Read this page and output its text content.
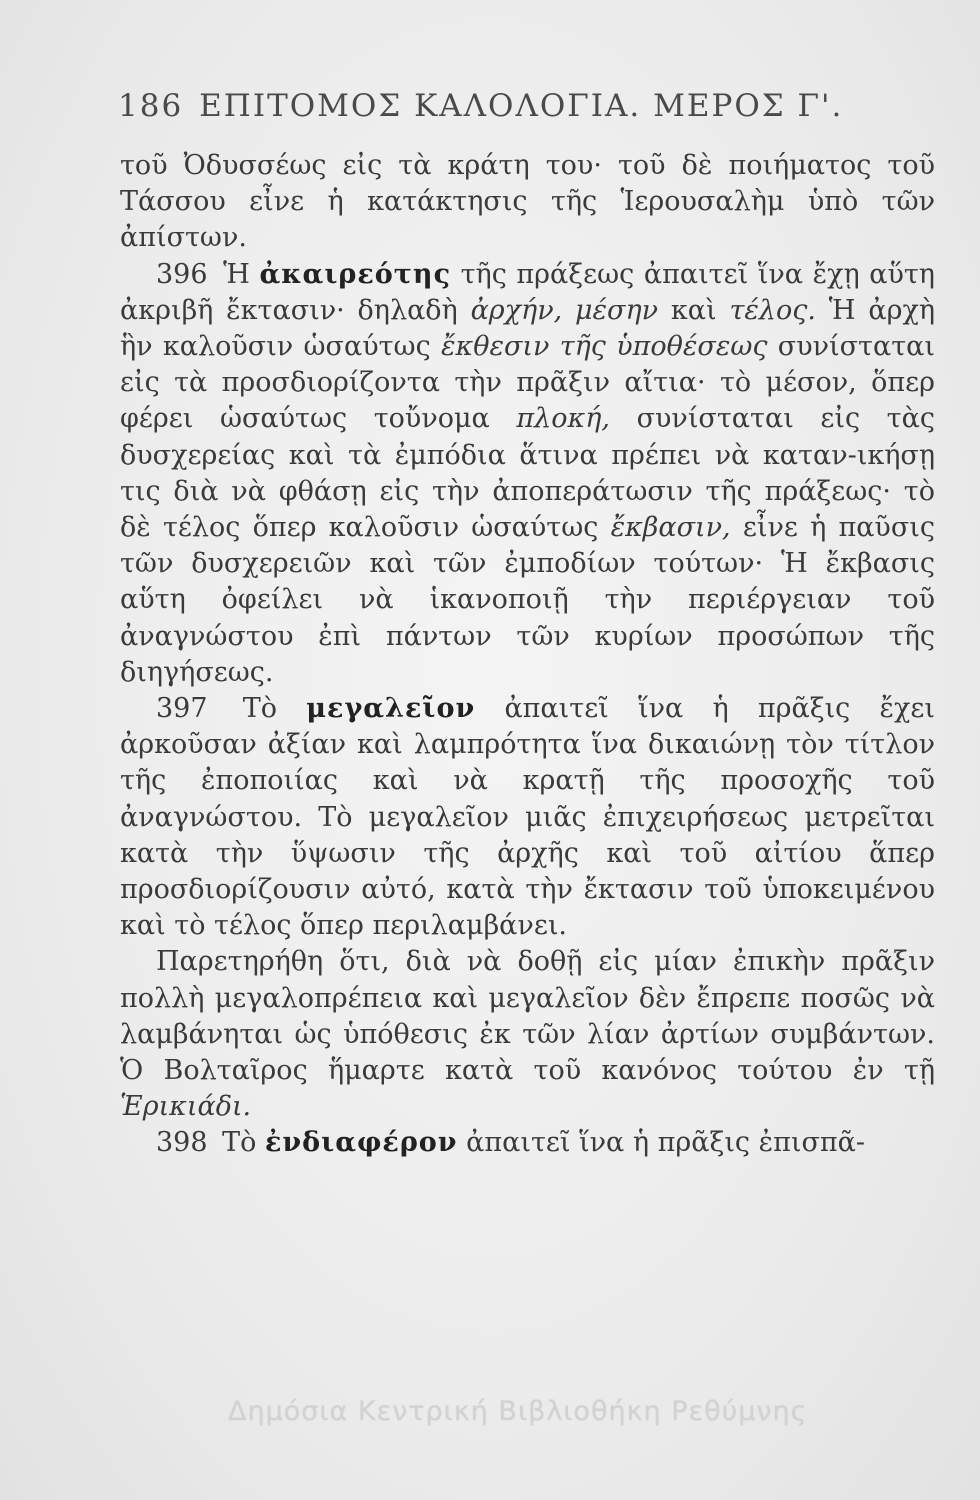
186 ΕΠΙΤΟΜΟΣ ΚΑΛΟΛΟΓΙΑ. ΜΕΡΟΣ Γ'.

τοῦ Ὀδυσσέως εἰς τὰ κράτη του· τοῦ δὲ ποιήματος τοῦ Τάσσου εἶνε ἡ κατάκτησις τῆς Ἱερουσαλὴμ ὑπὸ τῶν ἀπίστων.

396 Ἡ ἀκαιρεότης τῆς πράξεως ἀπαιτεῖ ἵνα ἔχῃ αὕτη ἀκριβῆ ἔκτασιν· δηλαδὴ ἀρχήν, μέσην καὶ τέλος. Ἡ ἀρχὴ ἣν καλοῦσιν ὡσαύτως ἔκθεσιν τῆς ὑποθέσεως συνίσταται εἰς τὰ προσδιορίζοντα τὴν πρᾶξιν αἴτια· τὸ μέσον, ὅπερ φέρει ὡσαύτως τοὔνομα πλοκή, συνίσταται εἰς τὰς δυσχερείας καὶ τὰ ἐμπόδια ἅτινα πρέπει νὰ καταν‑ικήσῃ τις διὰ νὰ φθάσῃ εἰς τὴν ἀποπεράτωσιν τῆς πράξεως· τὸ δὲ τέλος ὅπερ καλοῦσιν ὡσαύτως ἔκβασιν, εἶνε ἡ παῦσις τῶν δυσχερειῶν καὶ τῶν ἐμποδίων τούτων· Ἡ ἔκβασις αὕτη ὀφείλει νὰ ἱκανοποιῇ τὴν περιέργειαν τοῦ ἀναγνώστου ἐπὶ πάντων τῶν κυρίων προσώπων τῆς διηγήσεως.

397 Τὸ μεγαλεῖον ἀπαιτεῖ ἵνα ἡ πρᾶξις ἔχει ἀρκοῦσαν ἀξίαν καὶ λαμπρότητα ἵνα δικαιώνῃ τὸν τίτλον τῆς ἐποποιίας καὶ νὰ κρατῇ τῆς προσοχῆς τοῦ ἀναγνώστου. Τὸ μεγαλεῖον μιᾶς ἐπιχειρήσεως μετρεῖται κατὰ τὴν ὕψωσιν τῆς ἀρχῆς καὶ τοῦ αἰτίου ἅπερ προσδιορίζουσιν αὐτό, κατὰ τὴν ἔκτασιν τοῦ ὑποκειμένου καὶ τὸ τέλος ὅπερ περιλαμβάνει.

Παρετηρήθη ὅτι, διὰ νὰ δοθῇ εἰς μίαν ἐπικὴν πρᾶξιν πολλὴ μεγαλοπρέπεια καὶ μεγαλεῖον δὲν ἔπρεπε ποσῶς νὰ λαμβάνηται ὡς ὑπόθεσις ἐκ τῶν λίαν ἀρτίων συμβάντων. Ὁ Βολταῖρος ἥμαρτε κατὰ τοῦ κανόνος τούτου ἐν τῇ Ἑρικιάδι.

398 Τὸ ἐνδιαφέρον ἀπαιτεῖ ἵνα ἡ πρᾶξις ἐπισπᾶ‑

Δημόσια Κεντρική Βιβλιοθήκη Ρεθύμνης
